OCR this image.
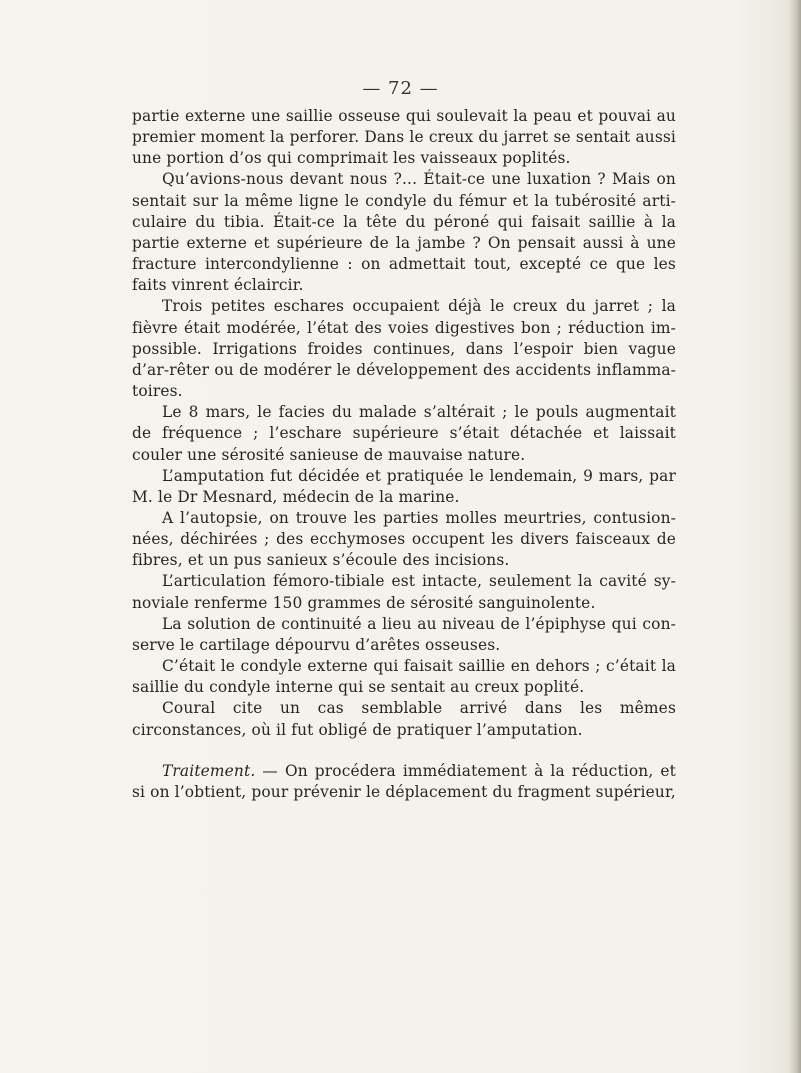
— 72 —

partie externe une saillie osseuse qui soulevait la peau et pouvai au premier moment la perforer. Dans le creux du jarret se sentait aussi une portion d’os qui comprimait les vaisseaux poplités.

Qu’avions-nous devant nous ?... Était-ce une luxation ? Mais on sentait sur la même ligne le condyle du fémur et la tubérosité arti-culaire du tibia. Était-ce la tête du péroné qui faisait saillie à la partie externe et supérieure de la jambe ? On pensait aussi à une fracture intercondylienne : on admettait tout, excepté ce que les faits vinrent éclaircir.

Trois petites eschares occupaient déjà le creux du jarret ; la fièvre était modérée, l’état des voies digestives bon ; réduction im-possible. Irrigations froides continues, dans l’espoir bien vague d’ar-rêter ou de modérer le développement des accidents inflamma-toires.

Le 8 mars, le facies du malade s’altérait ; le pouls augmentait de fréquence ; l’eschare supérieure s’était détachée et laissait couler une sérosité sanieuse de mauvaise nature.

L’amputation fut décidée et pratiquée le lendemain, 9 mars, par M. le Dr Mesnard, médecin de la marine.

A l’autopsie, on trouve les parties molles meurtries, contusion-nées, déchirées ; des ecchymoses occupent les divers faisceaux de fibres, et un pus sanieux s’écoule des incisions.

L’articulation fémoro-tibiale est intacte, seulement la cavité sy-noviale renferme 150 grammes de sérosité sanguinolente.

La solution de continuité a lieu au niveau de l’épiphyse qui con-serve le cartilage dépourvu d’arêtes osseuses.

C’était le condyle externe qui faisait saillie en dehors ; c’était la saillie du condyle interne qui se sentait au creux poplité.

Coural cite un cas semblable arrivé dans les mêmes circonstances, où il fut obligé de pratiquer l’amputation.

Traitement. — On procédera immédiatement à la réduction, et si on l’obtient, pour prévenir le déplacement du fragment supérieur,
